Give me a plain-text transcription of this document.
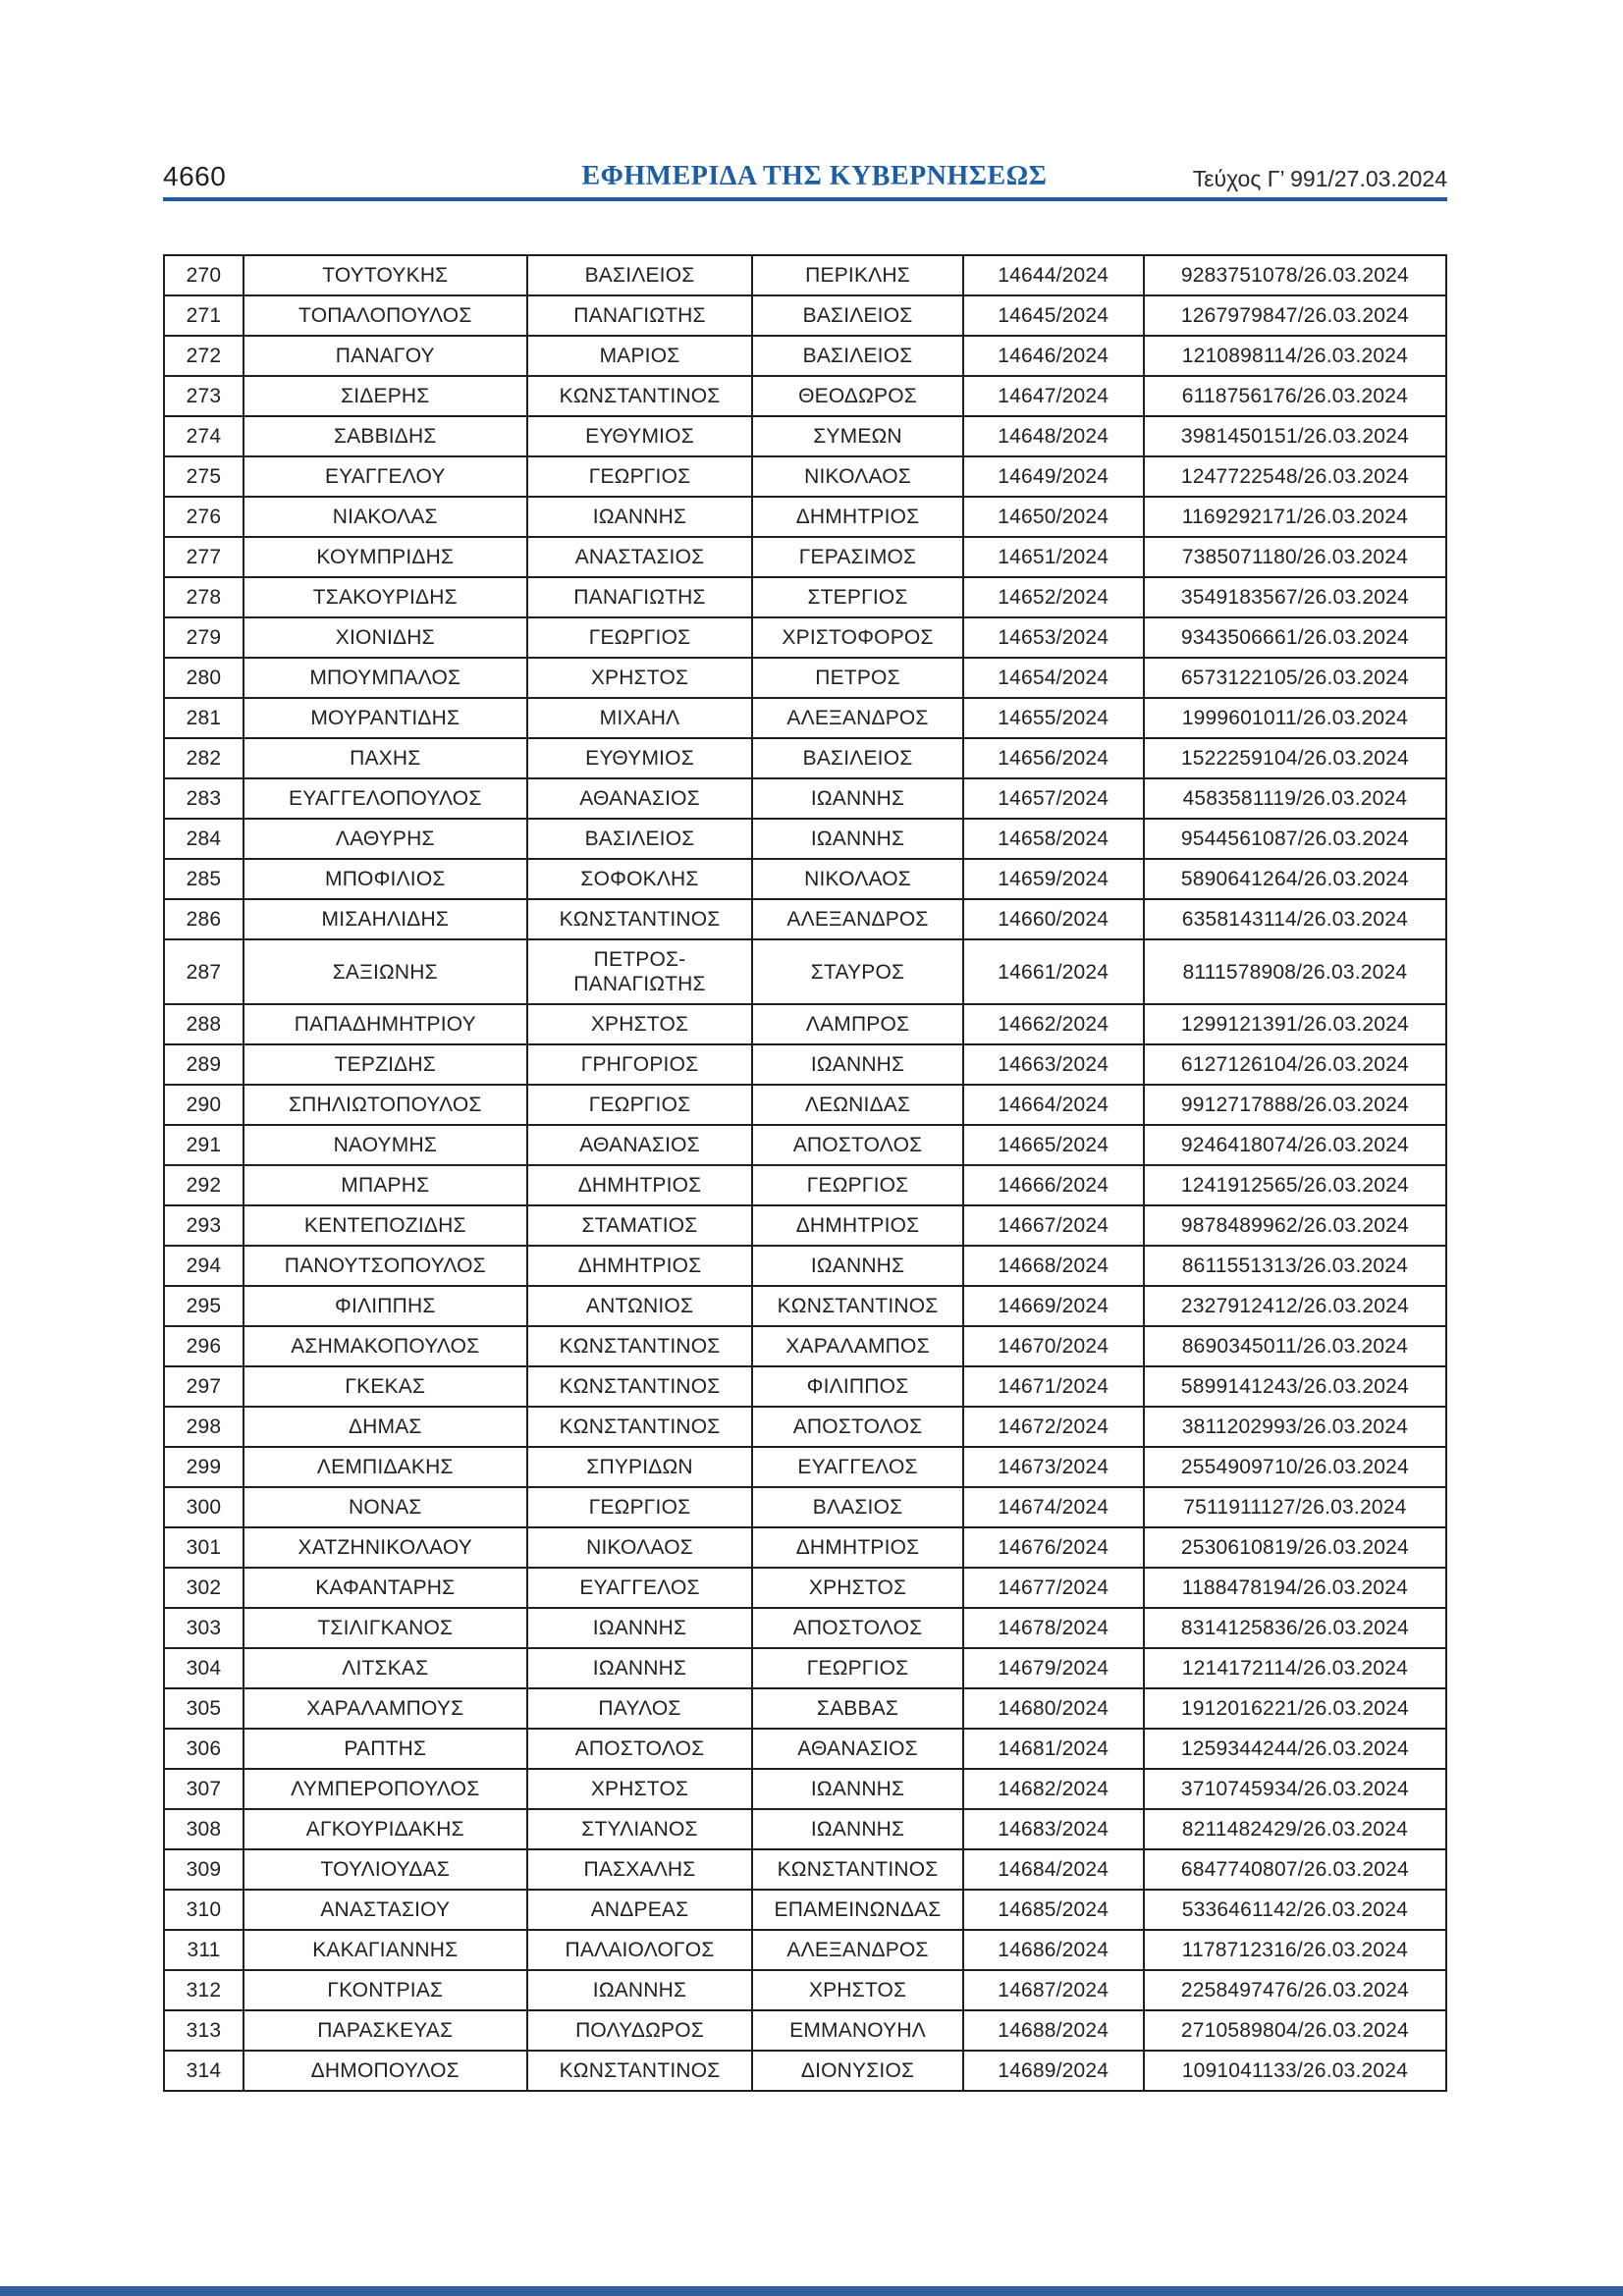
4660	ΕΦΗΜΕΡΙΔΑ ΤΗΣ ΚΥΒΕΡΝΗΣΕΩΣ	Τεύχος Γ’ 991/27.03.2024
270	ΤΟΥΤΟΥΚΗΣ	ΒΑΣΙΛΕΙΟΣ	ΠΕΡΙΚΛΗΣ	14644/2024	9283751078/26.03.2024
271	ΤΟΠΑΛΟΠΟΥΛΟΣ	ΠΑΝΑΓΙΩΤΗΣ	ΒΑΣΙΛΕΙΟΣ	14645/2024	1267979847/26.03.2024
272	ΠΑΝΑΓΟΥ	ΜΑΡΙΟΣ	ΒΑΣΙΛΕΙΟΣ	14646/2024	1210898114/26.03.2024
273	ΣΙΔΕΡΗΣ	ΚΩΝΣΤΑΝΤΙΝΟΣ	ΘΕΟΔΩΡΟΣ	14647/2024	6118756176/26.03.2024
274	ΣΑΒΒΙΔΗΣ	ΕΥΘΥΜΙΟΣ	ΣΥΜΕΩΝ	14648/2024	3981450151/26.03.2024
275	ΕΥΑΓΓΕΛΟΥ	ΓΕΩΡΓΙΟΣ	ΝΙΚΟΛΑΟΣ	14649/2024	1247722548/26.03.2024
276	ΝΙΑΚΟΛΑΣ	ΙΩΑΝΝΗΣ	ΔΗΜΗΤΡΙΟΣ	14650/2024	1169292171/26.03.2024
277	ΚΟΥΜΠΡΙΔΗΣ	ΑΝΑΣΤΑΣΙΟΣ	ΓΕΡΑΣΙΜΟΣ	14651/2024	7385071180/26.03.2024
278	ΤΣΑΚΟΥΡΙΔΗΣ	ΠΑΝΑΓΙΩΤΗΣ	ΣΤΕΡΓΙΟΣ	14652/2024	3549183567/26.03.2024
279	ΧΙΟΝΙΔΗΣ	ΓΕΩΡΓΙΟΣ	ΧΡΙΣΤΟΦΟΡΟΣ	14653/2024	9343506661/26.03.2024
280	ΜΠΟΥΜΠΑΛΟΣ	ΧΡΗΣΤΟΣ	ΠΕΤΡΟΣ	14654/2024	6573122105/26.03.2024
281	ΜΟΥΡΑΝΤΙΔΗΣ	ΜΙΧΑΗΛ	ΑΛΕΞΑΝΔΡΟΣ	14655/2024	1999601011/26.03.2024
282	ΠΑΧΗΣ	ΕΥΘΥΜΙΟΣ	ΒΑΣΙΛΕΙΟΣ	14656/2024	1522259104/26.03.2024
283	ΕΥΑΓΓΕΛΟΠΟΥΛΟΣ	ΑΘΑΝΑΣΙΟΣ	ΙΩΑΝΝΗΣ	14657/2024	4583581119/26.03.2024
284	ΛΑΘΥΡΗΣ	ΒΑΣΙΛΕΙΟΣ	ΙΩΑΝΝΗΣ	14658/2024	9544561087/26.03.2024
285	ΜΠΟΦΙΛΙΟΣ	ΣΟΦΟΚΛΗΣ	ΝΙΚΟΛΑΟΣ	14659/2024	5890641264/26.03.2024
286	ΜΙΣΑΗΛΙΔΗΣ	ΚΩΝΣΤΑΝΤΙΝΟΣ	ΑΛΕΞΑΝΔΡΟΣ	14660/2024	6358143114/26.03.2024
287	ΣΑΞΙΩΝΗΣ	ΠΕΤΡΟΣ-ΠΑΝΑΓΙΩΤΗΣ	ΣΤΑΥΡΟΣ	14661/2024	8111578908/26.03.2024
288	ΠΑΠΑΔΗΜΗΤΡΙΟΥ	ΧΡΗΣΤΟΣ	ΛΑΜΠΡΟΣ	14662/2024	1299121391/26.03.2024
289	ΤΕΡΖΙΔΗΣ	ΓΡΗΓΟΡΙΟΣ	ΙΩΑΝΝΗΣ	14663/2024	6127126104/26.03.2024
290	ΣΠΗΛΙΩΤΟΠΟΥΛΟΣ	ΓΕΩΡΓΙΟΣ	ΛΕΩΝΙΔΑΣ	14664/2024	9912717888/26.03.2024
291	ΝΑΟΥΜΗΣ	ΑΘΑΝΑΣΙΟΣ	ΑΠΟΣΤΟΛΟΣ	14665/2024	9246418074/26.03.2024
292	ΜΠΑΡΗΣ	ΔΗΜΗΤΡΙΟΣ	ΓΕΩΡΓΙΟΣ	14666/2024	1241912565/26.03.2024
293	ΚΕΝΤΕΠΟΖΙΔΗΣ	ΣΤΑΜΑΤΙΟΣ	ΔΗΜΗΤΡΙΟΣ	14667/2024	9878489962/26.03.2024
294	ΠΑΝΟΥΤΣΟΠΟΥΛΟΣ	ΔΗΜΗΤΡΙΟΣ	ΙΩΑΝΝΗΣ	14668/2024	8611551313/26.03.2024
295	ΦΙΛΙΠΠΗΣ	ΑΝΤΩΝΙΟΣ	ΚΩΝΣΤΑΝΤΙΝΟΣ	14669/2024	2327912412/26.03.2024
296	ΑΣΗΜΑΚΟΠΟΥΛΟΣ	ΚΩΝΣΤΑΝΤΙΝΟΣ	ΧΑΡΑΛΑΜΠΟΣ	14670/2024	8690345011/26.03.2024
297	ΓΚΕΚΑΣ	ΚΩΝΣΤΑΝΤΙΝΟΣ	ΦΙΛΙΠΠΟΣ	14671/2024	5899141243/26.03.2024
298	ΔΗΜΑΣ	ΚΩΝΣΤΑΝΤΙΝΟΣ	ΑΠΟΣΤΟΛΟΣ	14672/2024	3811202993/26.03.2024
299	ΛΕΜΠΙΔΑΚΗΣ	ΣΠΥΡΙΔΩΝ	ΕΥΑΓΓΕΛΟΣ	14673/2024	2554909710/26.03.2024
300	ΝΟΝΑΣ	ΓΕΩΡΓΙΟΣ	ΒΛΑΣΙΟΣ	14674/2024	7511911127/26.03.2024
301	ΧΑΤΖΗΝΙΚΟΛΑΟΥ	ΝΙΚΟΛΑΟΣ	ΔΗΜΗΤΡΙΟΣ	14676/2024	2530610819/26.03.2024
302	ΚΑΦΑΝΤΑΡΗΣ	ΕΥΑΓΓΕΛΟΣ	ΧΡΗΣΤΟΣ	14677/2024	1188478194/26.03.2024
303	ΤΣΙΛΙΓΚΑΝΟΣ	ΙΩΑΝΝΗΣ	ΑΠΟΣΤΟΛΟΣ	14678/2024	8314125836/26.03.2024
304	ΛΙΤΣΚΑΣ	ΙΩΑΝΝΗΣ	ΓΕΩΡΓΙΟΣ	14679/2024	1214172114/26.03.2024
305	ΧΑΡΑΛΑΜΠΟΥΣ	ΠΑΥΛΟΣ	ΣΑΒΒΑΣ	14680/2024	1912016221/26.03.2024
306	ΡΑΠΤΗΣ	ΑΠΟΣΤΟΛΟΣ	ΑΘΑΝΑΣΙΟΣ	14681/2024	1259344244/26.03.2024
307	ΛΥΜΠΕΡΟΠΟΥΛΟΣ	ΧΡΗΣΤΟΣ	ΙΩΑΝΝΗΣ	14682/2024	3710745934/26.03.2024
308	ΑΓΚΟΥΡΙΔΑΚΗΣ	ΣΤΥΛΙΑΝΟΣ	ΙΩΑΝΝΗΣ	14683/2024	8211482429/26.03.2024
309	ΤΟΥΛΙΟΥΔΑΣ	ΠΑΣΧΑΛΗΣ	ΚΩΝΣΤΑΝΤΙΝΟΣ	14684/2024	6847740807/26.03.2024
310	ΑΝΑΣΤΑΣΙΟΥ	ΑΝΔΡΕΑΣ	ΕΠΑΜΕΙΝΩΝΔΑΣ	14685/2024	5336461142/26.03.2024
311	ΚΑΚΑΓΙΑΝΝΗΣ	ΠΑΛΑΙΟΛΟΓΟΣ	ΑΛΕΞΑΝΔΡΟΣ	14686/2024	1178712316/26.03.2024
312	ΓΚΟΝΤΡΙΑΣ	ΙΩΑΝΝΗΣ	ΧΡΗΣΤΟΣ	14687/2024	2258497476/26.03.2024
313	ΠΑΡΑΣΚΕΥΑΣ	ΠΟΛΥΔΩΡΟΣ	ΕΜΜΑΝΟΥΗΛ	14688/2024	2710589804/26.03.2024
314	ΔΗΜΟΠΟΥΛΟΣ	ΚΩΝΣΤΑΝΤΙΝΟΣ	ΔΙΟΝΥΣΙΟΣ	14689/2024	1091041133/26.03.2024
